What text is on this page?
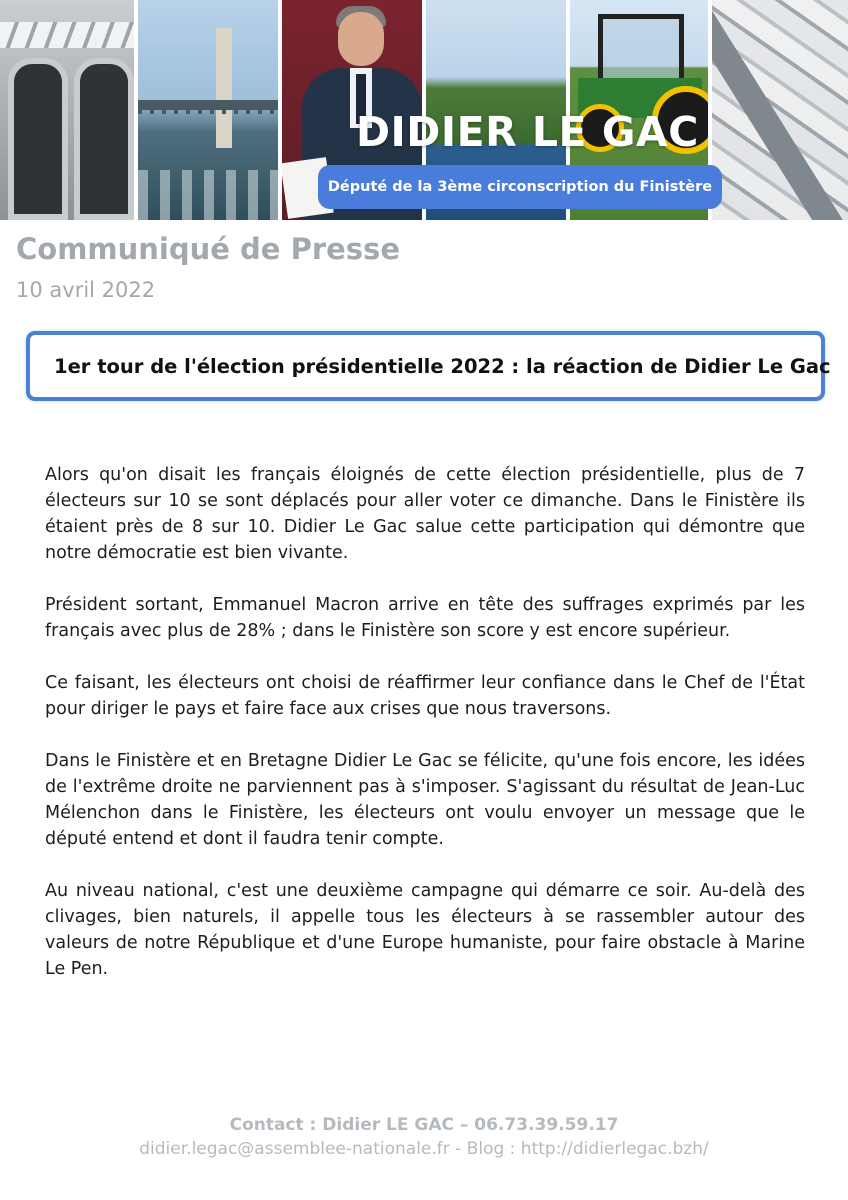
DIDIER LE GAC
Député de la 3ème circonscription du Finistère
Communiqué de Presse

10 avril 2022

1er tour de l'élection présidentielle 2022 : la réaction de Didier Le Gac

Alors qu'on disait les français éloignés de cette élection présidentielle, plus de 7 électeurs sur 10 se sont déplacés pour aller voter ce dimanche. Dans le Finistère ils étaient près de 8 sur 10. Didier Le Gac salue cette participation qui démontre que notre démocratie est bien vivante.

Président sortant, Emmanuel Macron arrive en tête des suffrages exprimés par les français avec plus de 28% ; dans le Finistère son score y est encore supérieur.

Ce faisant, les électeurs ont choisi de réaffirmer leur confiance dans le Chef de l'État pour diriger le pays et faire face aux crises que nous traversons.

Dans le Finistère et en Bretagne Didier Le Gac se félicite, qu'une fois encore, les idées de l'extrême droite ne parviennent pas à s'imposer. S'agissant du résultat de Jean-Luc Mélenchon dans le Finistère, les électeurs ont voulu envoyer un message que le député entend et dont il faudra tenir compte.

Au niveau national, c'est une deuxième campagne qui démarre ce soir. Au-delà des clivages, bien naturels, il appelle tous les électeurs à se rassembler autour des valeurs de notre République et d'une Europe humaniste, pour faire obstacle à Marine Le Pen.

Contact : Didier LE GAC – 06.73.39.59.17
didier.legac@assemblee-nationale.fr - Blog : http://didierlegac.bzh/
